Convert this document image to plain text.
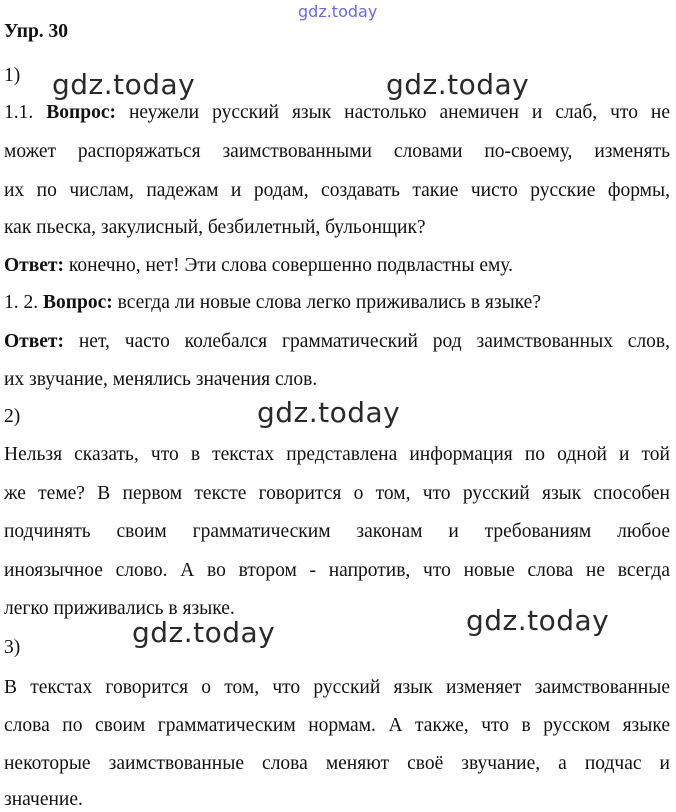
gdz.today
Упр. 30
1)
1.1. Вопрос: неужели русский язык настолько анемичен и слаб, что не
может распоряжаться заимствованными словами по-своему, изменять
их по числам, падежам и родам, создавать такие чисто русские формы,
как пьеска, закулисный, безбилетный, бульонщик?
Ответ: конечно, нет! Эти слова совершенно подвластны ему.
1. 2. Вопрос: всегда ли новые слова легко приживались в языке?
Ответ: нет, часто колебался грамматический род заимствованных слов,
их звучание, менялись значения слов.
2)
Нельзя сказать, что в текстах представлена информация по одной и той
же теме? В первом тексте говорится о том, что русский язык способен
подчинять своим грамматическим законам и требованиям любое
иноязычное слово. А во втором - напротив, что новые слова не всегда
легко приживались в языке.
3)
В текстах говорится о том, что русский язык изменяет заимствованные
слова по своим грамматическим нормам. А также, что в русском языке
некоторые заимствованные слова меняют своё звучание, а подчас и
значение.
gdz.today	gdz.today
gdz.today
gdz.today	gdz.today
